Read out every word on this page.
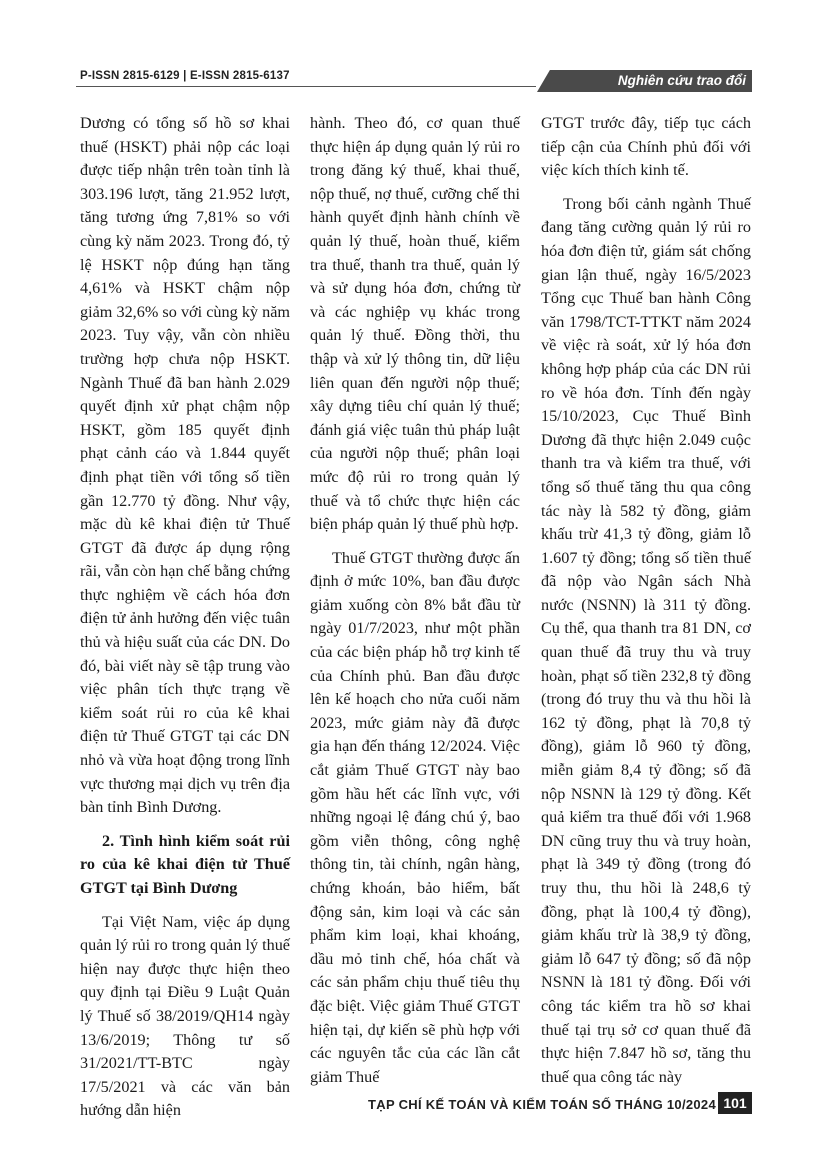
P-ISSN 2815-6129 | E-ISSN 2815-6137	Nghiên cứu trao đổi

Dương có tổng số hồ sơ khai thuế (HSKT) phải nộp các loại được tiếp nhận trên toàn tỉnh là 303.196 lượt, tăng 21.952 lượt, tăng tương ứng 7,81% so với cùng kỳ năm 2023. Trong đó, tỷ lệ HSKT nộp đúng hạn tăng 4,61% và HSKT chậm nộp giảm 32,6% so với cùng kỳ năm 2023. Tuy vậy, vẫn còn nhiều trường hợp chưa nộp HSKT. Ngành Thuế đã ban hành 2.029 quyết định xử phạt chậm nộp HSKT, gồm 185 quyết định phạt cảnh cáo và 1.844 quyết định phạt tiền với tổng số tiền gần 12.770 tỷ đồng. Như vậy, mặc dù kê khai điện tử Thuế GTGT đã được áp dụng rộng rãi, vẫn còn hạn chế bằng chứng thực nghiệm về cách hóa đơn điện tử ảnh hưởng đến việc tuân thủ và hiệu suất của các DN. Do đó, bài viết này sẽ tập trung vào việc phân tích thực trạng về kiểm soát rủi ro của kê khai điện tử Thuế GTGT tại các DN nhỏ và vừa hoạt động trong lĩnh vực thương mại dịch vụ trên địa bàn tỉnh Bình Dương.

2. Tình hình kiểm soát rủi ro của kê khai điện tử Thuế GTGT tại Bình Dương

Tại Việt Nam, việc áp dụng quản lý rủi ro trong quản lý thuế hiện nay được thực hiện theo quy định tại Điều 9 Luật Quản lý Thuế số 38/2019/QH14 ngày 13/6/2019; Thông tư số 31/2021/TT-BTC ngày 17/5/2021 và các văn bản hướng dẫn hiện

hành. Theo đó, cơ quan thuế thực hiện áp dụng quản lý rủi ro trong đăng ký thuế, khai thuế, nộp thuế, nợ thuế, cưỡng chế thi hành quyết định hành chính về quản lý thuế, hoàn thuế, kiểm tra thuế, thanh tra thuế, quản lý và sử dụng hóa đơn, chứng từ và các nghiệp vụ khác trong quản lý thuế. Đồng thời, thu thập và xử lý thông tin, dữ liệu liên quan đến người nộp thuế; xây dựng tiêu chí quản lý thuế; đánh giá việc tuân thủ pháp luật của người nộp thuế; phân loại mức độ rủi ro trong quản lý thuế và tổ chức thực hiện các biện pháp quản lý thuế phù hợp.

Thuế GTGT thường được ấn định ở mức 10%, ban đầu được giảm xuống còn 8% bắt đầu từ ngày 01/7/2023, như một phần của các biện pháp hỗ trợ kinh tế của Chính phủ. Ban đầu được lên kế hoạch cho nửa cuối năm 2023, mức giảm này đã được gia hạn đến tháng 12/2024. Việc cắt giảm Thuế GTGT này bao gồm hầu hết các lĩnh vực, với những ngoại lệ đáng chú ý, bao gồm viễn thông, công nghệ thông tin, tài chính, ngân hàng, chứng khoán, bảo hiểm, bất động sản, kim loại và các sản phẩm kim loại, khai khoáng, dầu mỏ tinh chế, hóa chất và các sản phẩm chịu thuế tiêu thụ đặc biệt. Việc giảm Thuế GTGT hiện tại, dự kiến sẽ phù hợp với các nguyên tắc của các lần cắt giảm Thuế

GTGT trước đây, tiếp tục cách tiếp cận của Chính phủ đối với việc kích thích kinh tế.

Trong bối cảnh ngành Thuế đang tăng cường quản lý rủi ro hóa đơn điện tử, giám sát chống gian lận thuế, ngày 16/5/2023 Tổng cục Thuế ban hành Công văn 1798/TCT-TTKT năm 2024 về việc rà soát, xử lý hóa đơn không hợp pháp của các DN rủi ro về hóa đơn. Tính đến ngày 15/10/2023, Cục Thuế Bình Dương đã thực hiện 2.049 cuộc thanh tra và kiểm tra thuế, với tổng số thuế tăng thu qua công tác này là 582 tỷ đồng, giảm khấu trừ 41,3 tỷ đồng, giảm lỗ 1.607 tỷ đồng; tổng số tiền thuế đã nộp vào Ngân sách Nhà nước (NSNN) là 311 tỷ đồng. Cụ thể, qua thanh tra 81 DN, cơ quan thuế đã truy thu và truy hoàn, phạt số tiền 232,8 tỷ đồng (trong đó truy thu và thu hồi là 162 tỷ đồng, phạt là 70,8 tỷ đồng), giảm lỗ 960 tỷ đồng, miễn giảm 8,4 tỷ đồng; số đã nộp NSNN là 129 tỷ đồng. Kết quả kiểm tra thuế đối với 1.968 DN cũng truy thu và truy hoàn, phạt là 349 tỷ đồng (trong đó truy thu, thu hồi là 248,6 tỷ đồng, phạt là 100,4 tỷ đồng), giảm khấu trừ là 38,9 tỷ đồng, giảm lỗ 647 tỷ đồng; số đã nộp NSNN là 181 tỷ đồng. Đối với công tác kiểm tra hồ sơ khai thuế tại trụ sở cơ quan thuế đã thực hiện 7.847 hồ sơ, tăng thu thuế qua công tác này

TẠP CHÍ KẾ TOÁN VÀ KIỂM TOÁN SỐ THÁNG 10/2024 101
